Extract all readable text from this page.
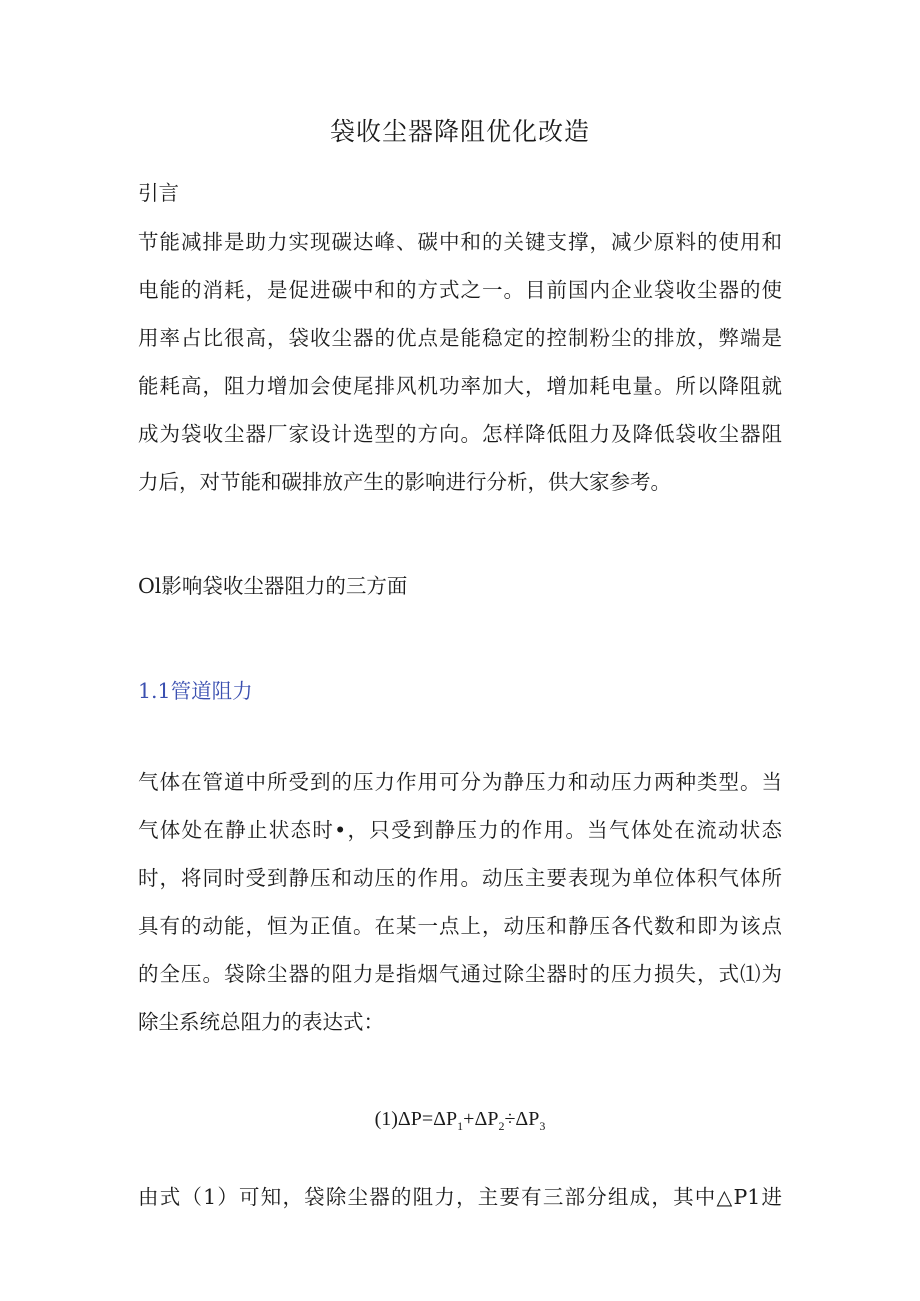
袋收尘器降阻优化改造
引言
节能减排是助力实现碳达峰、碳中和的关键支撑，减少原料的使用和
电能的消耗，是促进碳中和的方式之一。目前国内企业袋收尘器的使
用率占比很高，袋收尘器的优点是能稳定的控制粉尘的排放，弊端是
能耗高，阻力增加会使尾排风机功率加大，增加耗电量。所以降阻就
成为袋收尘器厂家设计选型的方向。怎样降低阻力及降低袋收尘器阻
力后，对节能和碳排放产生的影响进行分析，供大家参考。
Ol影响袋收尘器阻力的三方面
1.1管道阻力
气体在管道中所受到的压力作用可分为静压力和动压力两种类型。当
气体处在静止状态时•，只受到静压力的作用。当气体处在流动状态
时，将同时受到静压和动压的作用。动压主要表现为单位体积气体所
具有的动能，恒为正值。在某一点上，动压和静压各代数和即为该点
的全压。袋除尘器的阻力是指烟气通过除尘器时的压力损失，式⑴为
除尘系统总阻力的表达式：
$(1)\Delta P=\Delta P_1+\Delta P_2\div\Delta P_3$
由式（1）可知，袋除尘器的阻力，主要有三部分组成，其中△P1进
